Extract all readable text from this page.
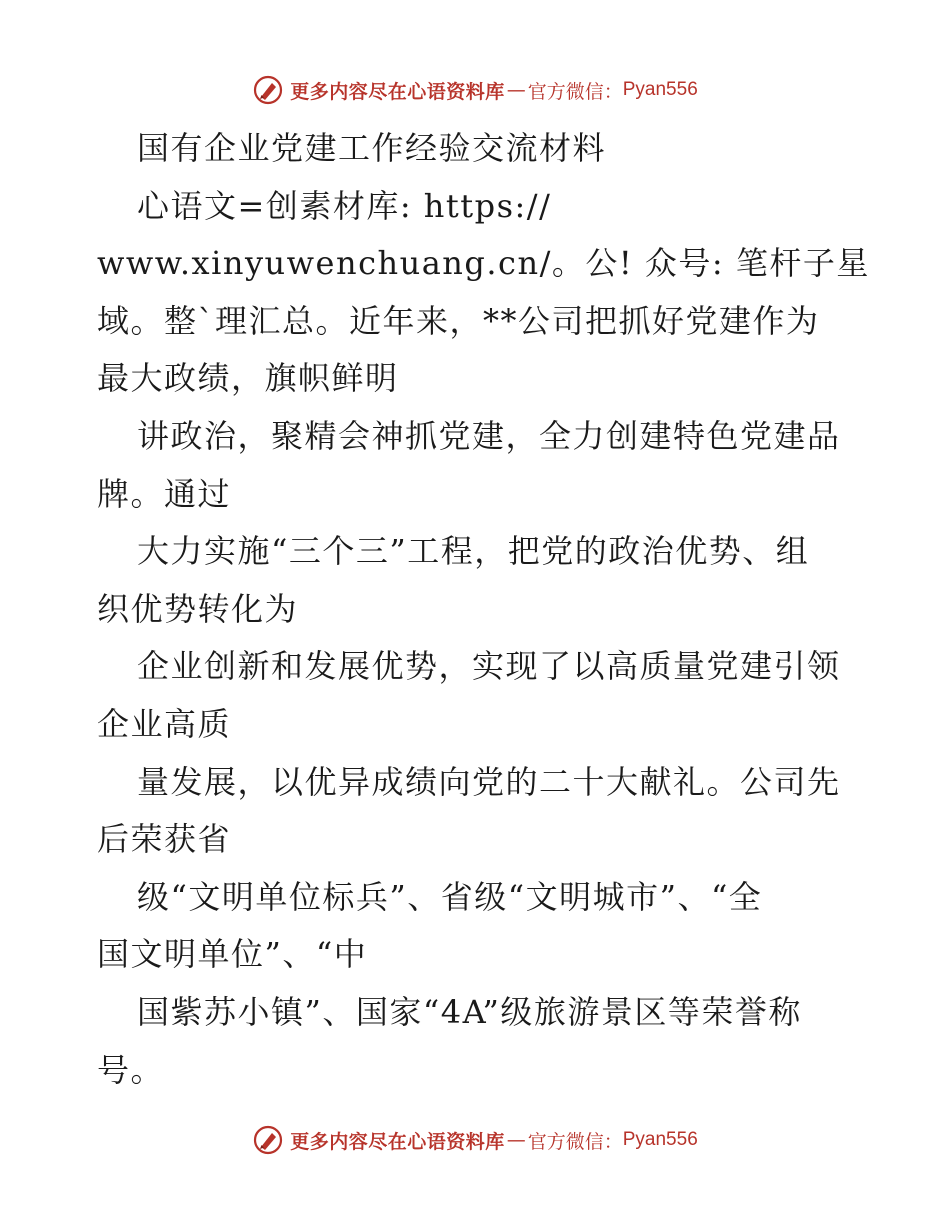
更多内容尽在心语资料库 — 官方微信： Pyan556
国有企业党建工作经验交流材料
心语文=创素材库: https://
www.xinyuwenchuang.cn/。公! 众号: 笔杆子星
域。整`理汇总。近年来，**公司把抓好党建作为
最大政绩，旗帜鲜明
讲政治，聚精会神抓党建，全力创建特色党建品
牌。通过
大力实施“三个三”工程，把党的政治优势、组
织优势转化为
企业创新和发展优势，实现了以高质量党建引领
企业高质
量发展，以优异成绩向党的二十大献礼。公司先
后荣获省
级“文明单位标兵”、省级“文明城市”、“全
国文明单位”、“中
国紫苏小镇”、国家“4A”级旅游景区等荣誉称
号。
更多内容尽在心语资料库 — 官方微信： Pyan556
